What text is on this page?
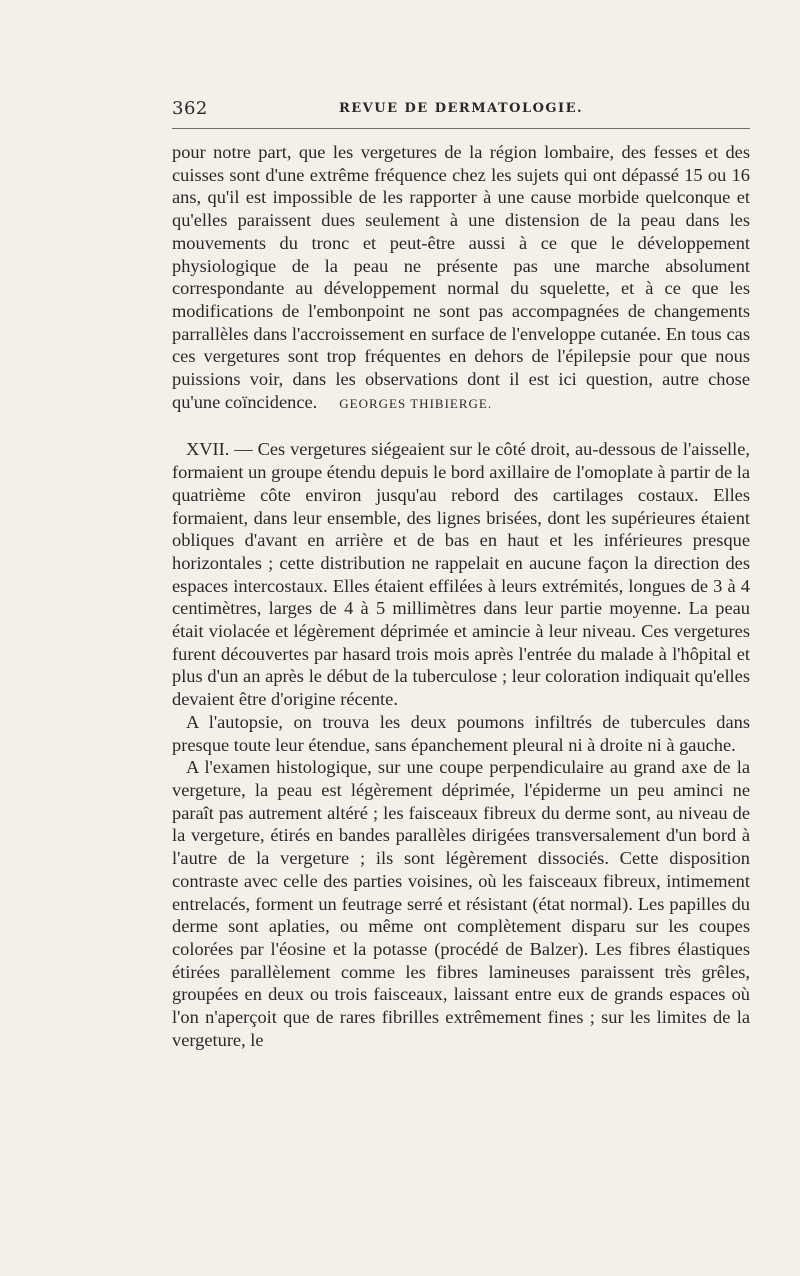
362	REVUE DE DERMATOLOGIE.

pour notre part, que les vergetures de la région lombaire, des fesses et des cuisses sont d'une extrême fréquence chez les sujets qui ont dépassé 15 ou 16 ans, qu'il est impossible de les rapporter à une cause morbide quelconque et qu'elles paraissent dues seulement à une distension de la peau dans les mouvements du tronc et peut-être aussi à ce que le développement physiologique de la peau ne présente pas une marche absolument correspondante au développement normal du squelette, et à ce que les modifications de l'embonpoint ne sont pas accompagnées de changements parrallèles dans l'accroissement en surface de l'enveloppe cutanée. En tous cas ces vergetures sont trop fréquentes en dehors de l'épilepsie pour que nous puissions voir, dans les observations dont il est ici question, autre chose qu'une coïncidence. GEORGES THIBIERGE.

XVII. — Ces vergetures siégeaient sur le côté droit, au-dessous de l'aisselle, formaient un groupe étendu depuis le bord axillaire de l'omoplate à partir de la quatrième côte environ jusqu'au rebord des cartilages costaux. Elles formaient, dans leur ensemble, des lignes brisées, dont les supérieures étaient obliques d'avant en arrière et de bas en haut et les inférieures presque horizontales ; cette distribution ne rappelait en aucune façon la direction des espaces intercostaux. Elles étaient effilées à leurs extrémités, longues de 3 à 4 centimètres, larges de 4 à 5 millimètres dans leur partie moyenne. La peau était violacée et légèrement déprimée et amincie à leur niveau. Ces vergetures furent découvertes par hasard trois mois après l'entrée du malade à l'hôpital et plus d'un an après le début de la tuberculose ; leur coloration indiquait qu'elles devaient être d'origine récente.

A l'autopsie, on trouva les deux poumons infiltrés de tubercules dans presque toute leur étendue, sans épanchement pleural ni à droite ni à gauche.

A l'examen histologique, sur une coupe perpendiculaire au grand axe de la vergeture, la peau est légèrement déprimée, l'épiderme un peu aminci ne paraît pas autrement altéré ; les faisceaux fibreux du derme sont, au niveau de la vergeture, étirés en bandes parallèles dirigées transversalement d'un bord à l'autre de la vergeture ; ils sont légèrement dissociés. Cette disposition contraste avec celle des parties voisines, où les faisceaux fibreux, intimement entrelacés, forment un feutrage serré et résistant (état normal). Les papilles du derme sont aplaties, ou même ont complètement disparu sur les coupes colorées par l'éosine et la potasse (procédé de Balzer). Les fibres élastiques étirées parallèlement comme les fibres lamineuses paraissent très grêles, groupées en deux ou trois faisceaux, laissant entre eux de grands espaces où l'on n'aperçoit que de rares fibrilles extrêmement fines ; sur les limites de la vergeture, le
